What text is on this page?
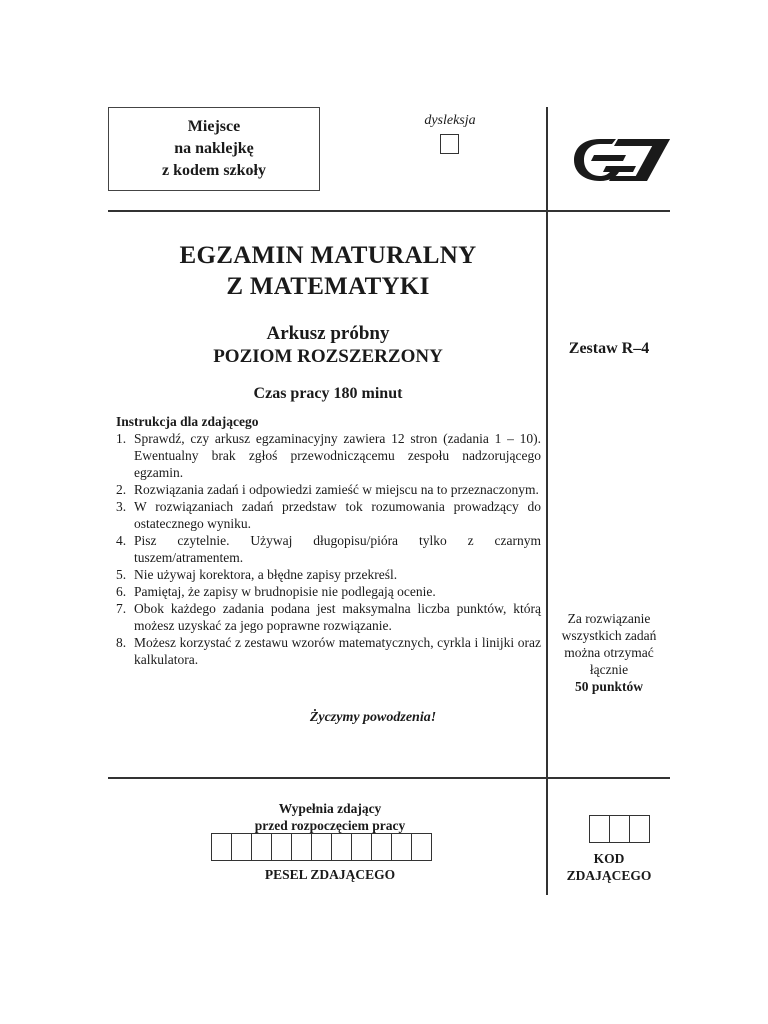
Miejsce
na naklejkę
z kodem szkoły
dysleksja
EGZAMIN MATURALNY
Z MATEMATYKI
Arkusz próbny
POZIOM ROZSZERZONY	Zestaw R–4
Czas pracy 180 minut
Instrukcja dla zdającego
1. Sprawdź, czy arkusz egzaminacyjny zawiera 12 stron (zadania 1 – 10). Ewentualny brak zgłoś przewodniczącemu zespołu nadzorującego egzamin.
2. Rozwiązania zadań i odpowiedzi zamieść w miejscu na to przeznaczonym.
3. W rozwiązaniach zadań przedstaw tok rozumowania prowadzący do ostatecznego wyniku.
4. Pisz czytelnie. Używaj długopisu/pióra tylko z czarnym tuszem/atramentem.
5. Nie używaj korektora, a błędne zapisy przekreśl.
6. Pamiętaj, że zapisy w brudnopisie nie podlegają ocenie.
7. Obok każdego zadania podana jest maksymalna liczba punktów, którą możesz uzyskać za jego poprawne rozwiązanie.
8. Możesz korzystać z zestawu wzorów matematycznych, cyrkla i linijki oraz kalkulatora.
Życzymy powodzenia!
Za rozwiązanie
wszystkich zadań
można otrzymać
łącznie
50 punktów
Wypełnia zdający
przed rozpoczęciem pracy
PESEL ZDAJĄCEGO
KOD
ZDAJĄCEGO
